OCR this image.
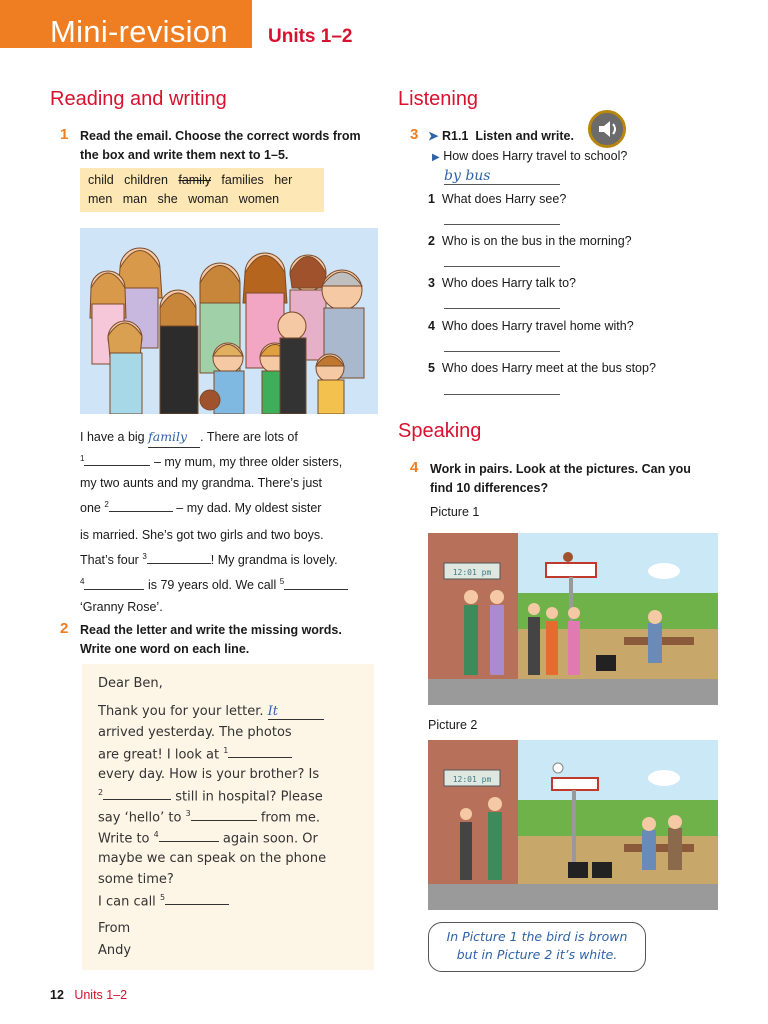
Mini-revision Units 1–2
Reading and writing
1 Read the email. Choose the correct words from
the box and write them next to 1–5.
child children family families her
men man she woman women
I have a big family . There are lots of
$^1$	– my mum, my three older sisters,
my two aunts and my grandma. There’s just
one $^2$	– my dad. My oldest sister
is married. She’s got two girls and two boys.
That’s four $^3$	! My grandma is lovely.
$^4$	is 79 years old. We call $^5$
‘Granny Rose’.
2 Read the letter and write the missing words.
Write one word on each line.
Dear Ben,
Thank you for your letter. It
arrived yesterday. The photos
are great! I look at $^1$
every day. How is your brother? Is
$^2$	still in hospital? Please
say ‘hello’ to $^3$	from me.
Write to $^4$	again soon. Or
maybe we can speak on the phone
some time?
I can call $^5$
From
Andy
Listening
3 ➤ R1.1 Listen and write.
▶ How does Harry travel to school?
by bus
1 What does Harry see?
2 Who is on the bus in the morning?
3 Who does Harry talk to?
4 Who does Harry travel home with?
5 Who does Harry meet at the bus stop?
Speaking
4 Work in pairs. Look at the pictures. Can you
find 10 differences?
Picture 1
12:01 pm
Picture 2
12:01 pm
In Picture 1 the bird is brown
but in Picture 2 it’s white.
12 Units 1–2
